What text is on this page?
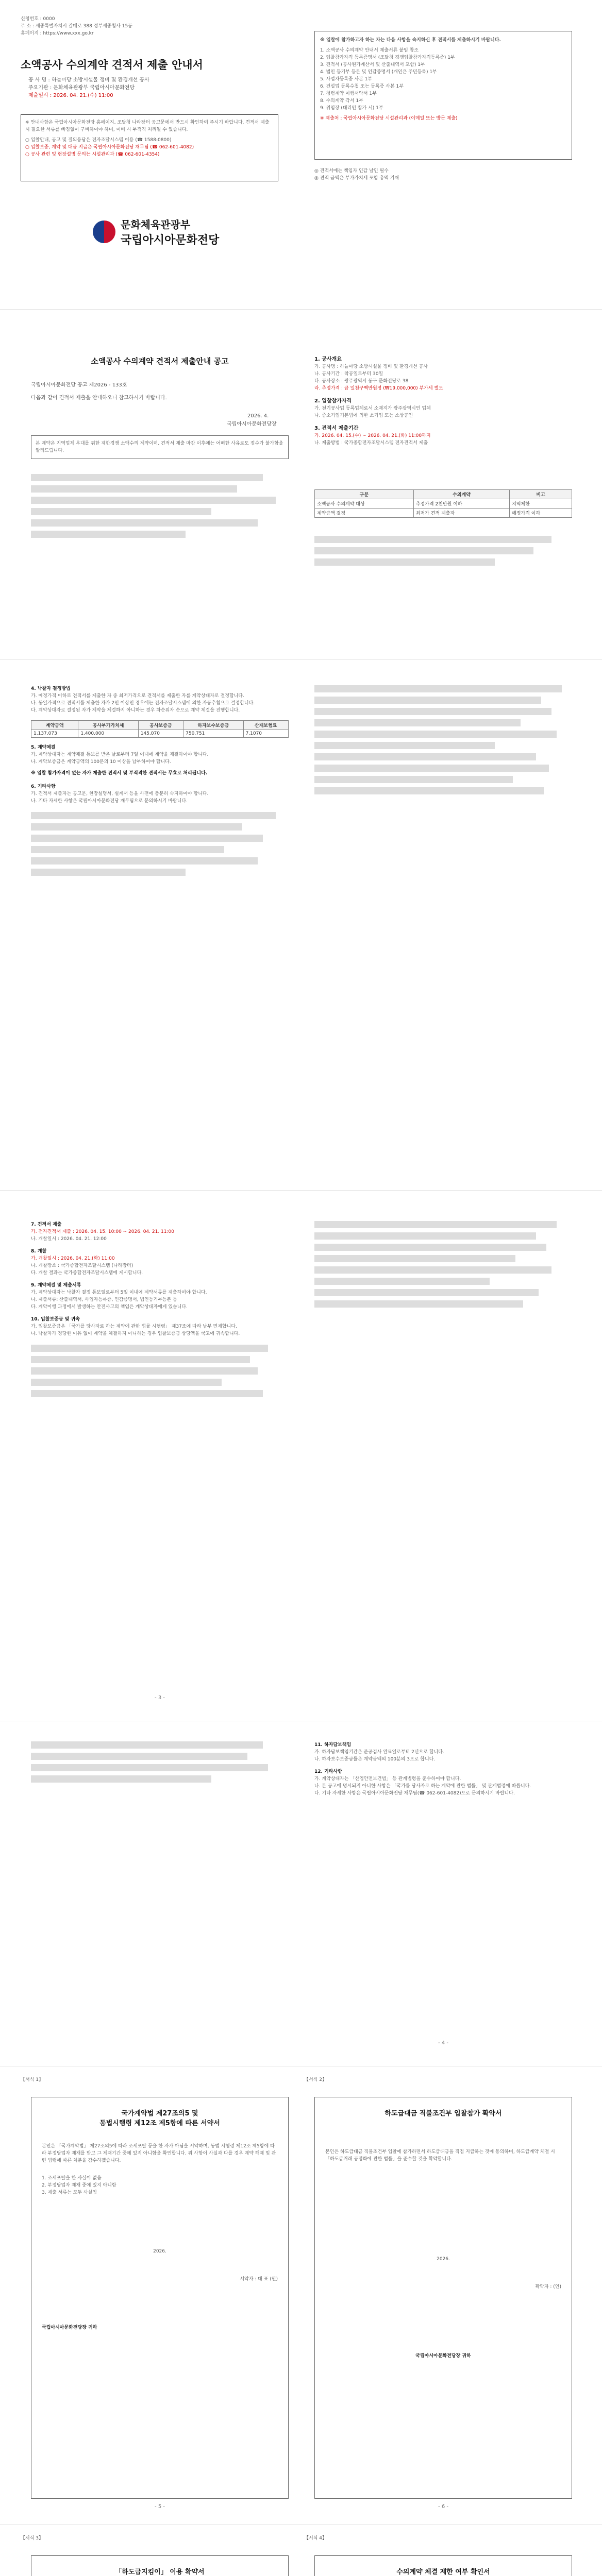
신청번호 : 0000
주 소 : 세종특별자치시 갈매로 388 정부세종청사 15동
홈페이지 : https://www.xxx.go.kr
소액공사 수의계약 견적서 제출 안내서
공 사 명 : 하늘마당 소방시설물 정비 및 환경개선 공사
주요기관 : 문화체육관광부 국립아시아문화전당
제출일시 : 2026. 04. 21.(수) 11:00
※ 안내사항은 국립아시아문화전당 홈페이지, 조달청 나라장터 공고문에서 반드시 확인하여 주시기 바랍니다. 견적서 제출 시 필요한 서류를 빠짐없이 구비하여야 하며, 미비 시 부적격 처리될 수 있습니다.
○ 입찰안내, 공고 및 질의응답은 전자조달시스템 이용 (☎ 1588-0800)
○ 입찰보증, 계약 및 대금 지급은 국립아시아문화전당 재무팀 (☎ 062-601-4082)
○ 공사 관련 및 현장설명 문의는 시설관리과 (☎ 062-601-4354)
문화체육관광부
국립아시아문화전당
※ 입찰에 참가하고자 하는 자는 다음 사항을 숙지하신 후 견적서를 제출하시기 바랍니다.
1. 소액공사 수의계약 안내서 제출서류 붙임 참조
2. 입찰참가자격 등록증명서 (조달청 경쟁입찰참가자격등록증) 1부
3. 견적서 (공사원가계산서 및 산출내역서 포함) 1부
4. 법인 등기부 등본 및 인감증명서 (개인은 주민등록) 1부
5. 사업자등록증 사본 1부
6. 건설업 등록수첩 또는 등록증 사본 1부
7. 청렴계약 이행서약서 1부
8. 수의계약 각서 1부
9. 위임장 (대리인 참가 시) 1부
※ 제출처 : 국립아시아문화전당 시설관리과 (이메일 또는 방문 제출)
◎ 견적서에는 책임자 인감 날인 필수
◎ 견적 금액은 부가가치세 포함 총액 기재
소액공사 수의계약 견적서 제출안내 공고
국립아시아문화전당 공고 제2026 - 133호
다음과 같이 견적서 제출을 안내하오니 참고하시기 바랍니다.
2026. 4.
국립아시아문화전당장
본 계약은 지역업체 우대를 위한 제한경쟁 소액수의 계약이며, 견적서 제출 마감 이후에는 어떠한 사유로도 접수가 불가함을 알려드립니다.
1. 공사개요
가. 공사명 : 하늘마당 소방시설물 정비 및 환경개선 공사
나. 공사기간 : 착공일로부터 30일
다. 공사장소 : 광주광역시 동구 문화전당로 38
라. 추정가격 : 금 일천구백만원정 (₩19,000,000) 부가세 별도
2. 입찰참가자격
가. 전기공사업 등록업체로서 소재지가 광주광역시인 업체
나. 중소기업기본법에 의한 소기업 또는 소상공인
3. 견적서 제출기간
가. 2026. 04. 15.(수) ~ 2026. 04. 21.(화) 11:00까지
나. 제출방법 : 국가종합전자조달시스템 전자견적서 제출
구분	수의계약	비고
소액공사 수의계약 대상	추정가격 2천만원 이하	지역제한
계약금액 결정	최저가 견적 제출자	예정가격 이하
4. 낙찰자 결정방법
가. 예정가격 이하로 견적서를 제출한 자 중 최저가격으로 견적서를 제출한 자를 계약상대자로 결정합니다.
나. 동일가격으로 견적서를 제출한 자가 2인 이상인 경우에는 전자조달시스템에 의한 자동추첨으로 결정합니다.
다. 계약상대자로 결정된 자가 계약을 체결하지 아니하는 경우 차순위자 순으로 계약 체결을 진행합니다.
계약금액	공사부가가치세	공사보증금	하자보수보증금	산재보험료
1,137,073	1,400,000	145,070	750,751	7,1070
5. 계약체결
가. 계약상대자는 계약체결 통보를 받은 날로부터 7일 이내에 계약을 체결하여야 합니다.
나. 계약보증금은 계약금액의 100분의 10 이상을 납부하여야 합니다.
※ 입찰 참가자격이 없는 자가 제출한 견적서 및 부적격한 견적서는 무효로 처리됩니다.
6. 기타사항
가. 견적서 제출자는 공고문, 현장설명서, 설계서 등을 사전에 충분히 숙지하여야 합니다.
나. 기타 자세한 사항은 국립아시아문화전당 재무팀으로 문의하시기 바랍니다.
7. 견적서 제출
가. 전자견적서 제출 : 2026. 04. 15. 10:00 ~ 2026. 04. 21. 11:00
나. 개찰일시 : 2026. 04. 21. 12:00
8. 개찰
가. 개찰일시 : 2026. 04. 21.(화) 11:00
나. 개찰장소 : 국가종합전자조달시스템 (나라장터)
다. 개찰 결과는 국가종합전자조달시스템에 게시합니다.
9. 계약체결 및 제출서류
가. 계약상대자는 낙찰자 결정 통보일로부터 5일 이내에 계약서류를 제출하여야 합니다.
나. 제출서류: 산출내역서, 사업자등록증, 인감증명서, 법인등기부등본 등
다. 계약이행 과정에서 발생하는 안전사고의 책임은 계약상대자에게 있습니다.
10. 입찰보증금 및 귀속
가. 입찰보증금은 「국가를 당사자로 하는 계약에 관한 법률 시행령」 제37조에 따라 납부 면제합니다.
나. 낙찰자가 정당한 이유 없이 계약을 체결하지 아니하는 경우 입찰보증금 상당액을 국고에 귀속합니다.
- 3 -
11. 하자담보책임
가. 하자담보책임기간은 준공검사 완료일로부터 2년으로 합니다.
나. 하자보수보증금률은 계약금액의 100분의 3으로 합니다.
12. 기타사항
가. 계약상대자는 「산업안전보건법」 등 관계법령을 준수하여야 합니다.
나. 본 공고에 명시되지 아니한 사항은 「국가를 당사자로 하는 계약에 관한 법률」 및 관계법령에 따릅니다.
다. 기타 자세한 사항은 국립아시아문화전당 재무팀(☎ 062-601-4082)으로 문의하시기 바랍니다.
- 4 -
【서식 1】
국가계약법 제27조의5 및
동법시행령 제12조 제5항에 따른 서약서
본인은 「국가계약법」 제27조의5에 따라 조세포탈 등을 한 자가 아님을 서약하며, 동법 시행령 제12조 제5항에 따라 부정당업자 제재를 받고 그 제재기간 중에 있지 아니함을 확인합니다. 위 사항이 사실과 다를 경우 계약 해제 및 관련 법령에 따른 처분을 감수하겠습니다.
1. 조세포탈을 한 사실이 없음
2. 부정당업자 제재 중에 있지 아니함
3. 제출 서류는 모두 사실임
2026.
서약자 : 대 표 (인)
국립아시아문화전당장 귀하
- 5 -
【서식 2】
하도급대금 직불조건부 입찰참가 확약서
본인은 하도급대금 직불조건부 입찰에 참가하면서 하도급대금을 직접 지급하는 것에 동의하며, 하도급계약 체결 시 「하도급거래 공정화에 관한 법률」을 준수할 것을 확약합니다.
2026.
확약자 : (인)
국립아시아문화전당장 귀하
- 6 -
【서식 3】
「하도급지킴이」 이용 확약서
【서식 4】
수의계약 체결 제한 여부 확인서
